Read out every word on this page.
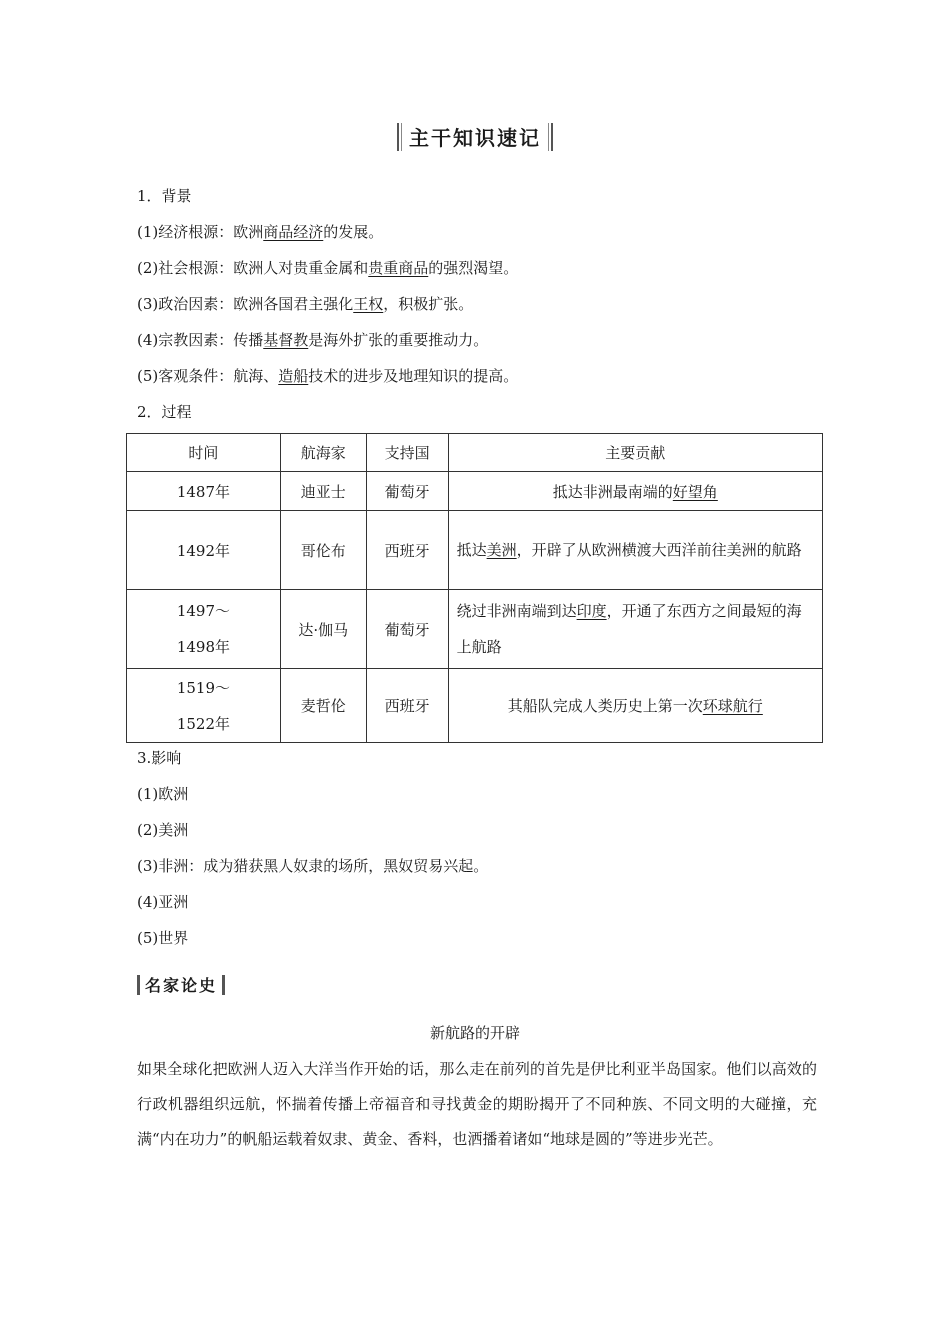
主干知识速记
1．背景
(1)经济根源：欧洲商品经济的发展。
(2)社会根源：欧洲人对贵重金属和贵重商品的强烈渴望。
(3)政治因素：欧洲各国君主强化王权，积极扩张。
(4)宗教因素：传播基督教是海外扩张的重要推动力。
(5)客观条件：航海、造船技术的进步及地理知识的提高。
2．过程
时间	航海家	支持国	主要贡献
1487年	迪亚士	葡萄牙	抵达非洲最南端的好望角
1492年	哥伦布	西班牙	抵达美洲，开辟了从欧洲横渡大西洋前往美洲的航路

1497～
1498年	达·伽马	葡萄牙	绕过非洲南端到达印度，开通了东西方之间最短的海上航路

1519～
1522年	麦哲伦	西班牙	其船队完成人类历史上第一次环球航行
3.影响
(1)欧洲
(2)美洲
(3)非洲：成为猎获黑人奴隶的场所，黑奴贸易兴起。
(4)亚洲
(5)世界
名家论史
新航路的开辟
如果全球化把欧洲人迈入大洋当作开始的话，那么走在前列的首先是伊比利亚半岛国家。他们以高效的行政机器组织远航，怀揣着传播上帝福音和寻找黄金的期盼揭开了不同种族、不同文明的大碰撞，充满“内在功力”的帆船运载着奴隶、黄金、香料，也洒播着诸如“地球是圆的”等进步光芒。
